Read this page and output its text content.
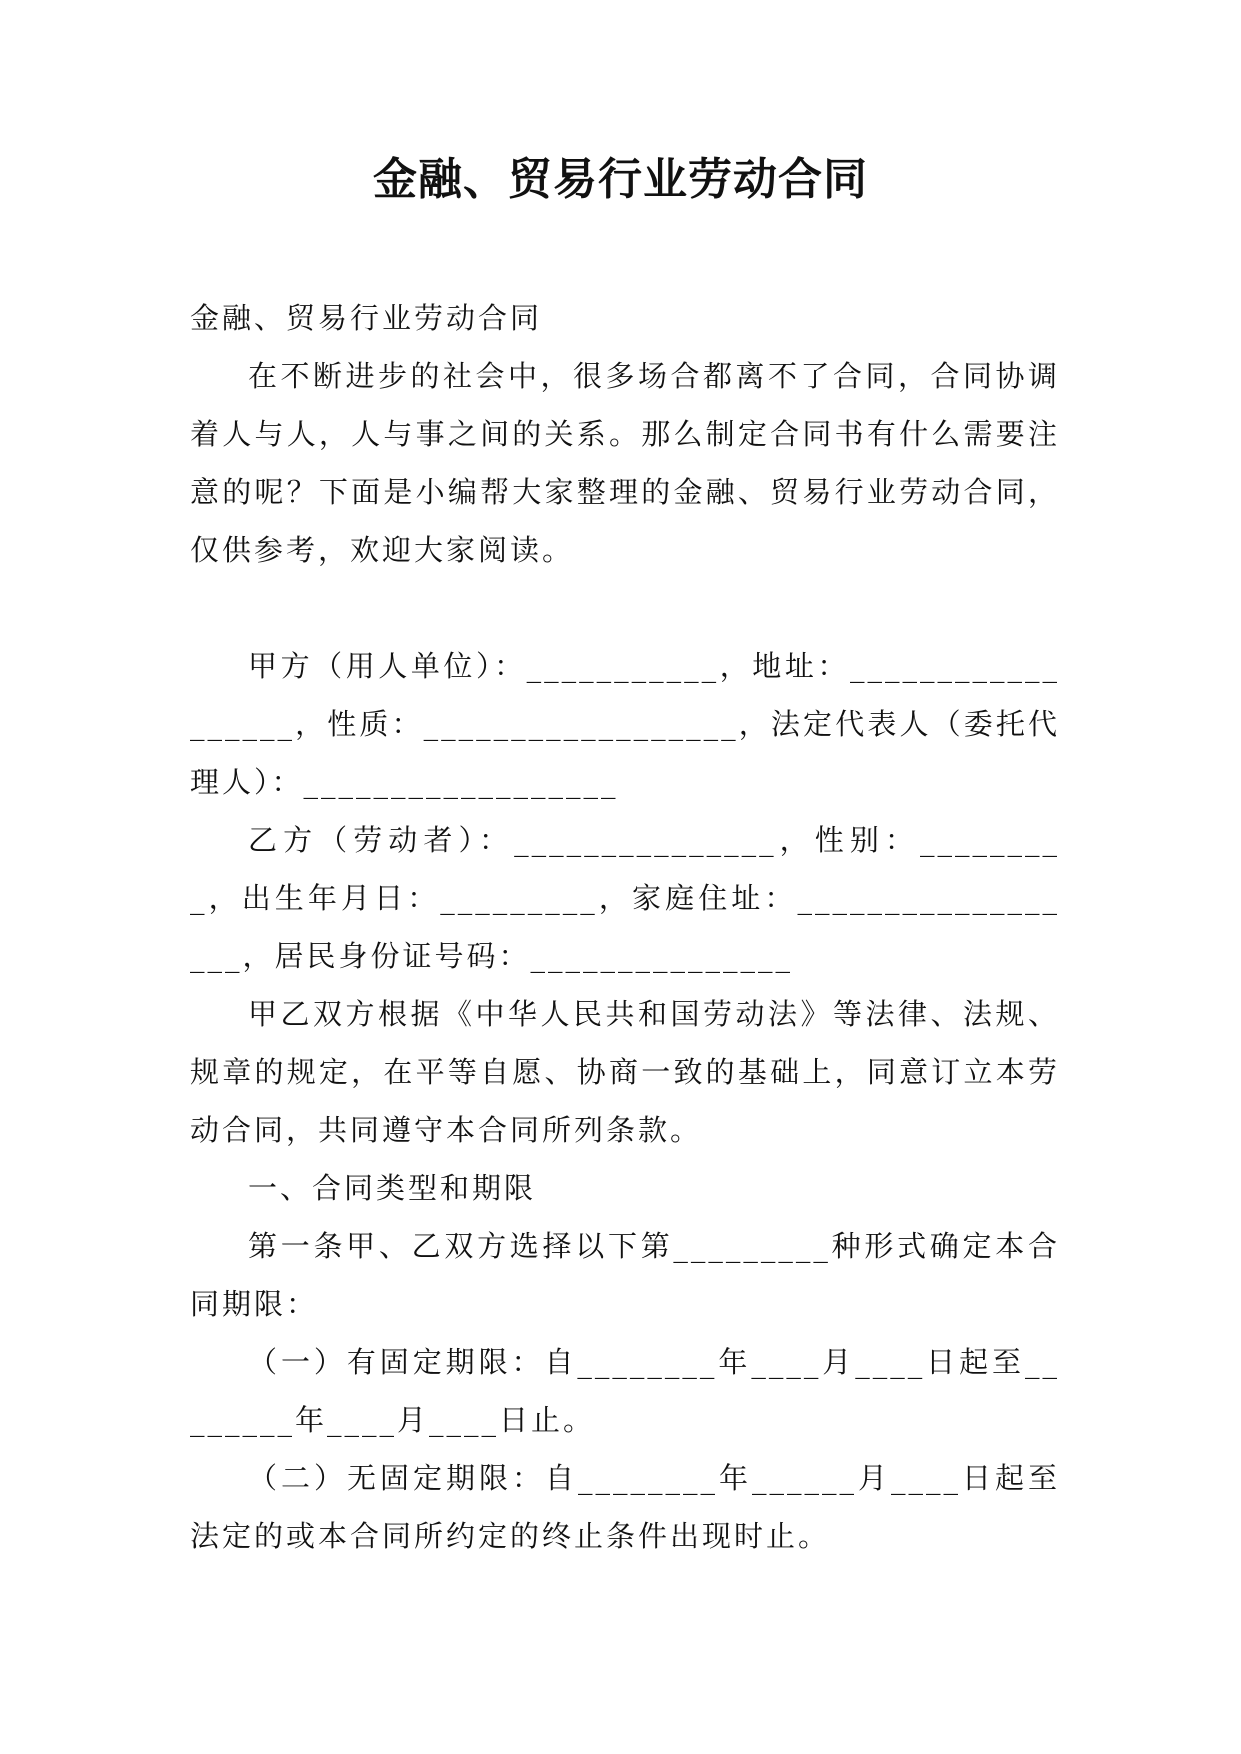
金融、贸易行业劳动合同

金融、贸易行业劳动合同

在不断进步的社会中，很多场合都离不了合同，合同协调着人与人，人与事之间的关系。那么制定合同书有什么需要注意的呢？下面是小编帮大家整理的金融、贸易行业劳动合同，仅供参考，欢迎大家阅读。

甲方（用人单位）：___________，地址：__________________，性质：__________________，法定代表人（委托代理人）：__________________

乙方（劳动者）：_______________，性别：_________，出生年月日：_________，家庭住址：__________________，居民身份证号码：_______________

甲乙双方根据《中华人民共和国劳动法》等法律、法规、规章的规定，在平等自愿、协商一致的基础上，同意订立本劳动合同，共同遵守本合同所列条款。

一、合同类型和期限

第一条甲、乙双方选择以下第_________种形式确定本合同期限：

（一）有固定期限：自________年____月____日起至________年____月____日止。

（二）无固定期限：自________年______月____日起至法定的或本合同所约定的终止条件出现时止。
